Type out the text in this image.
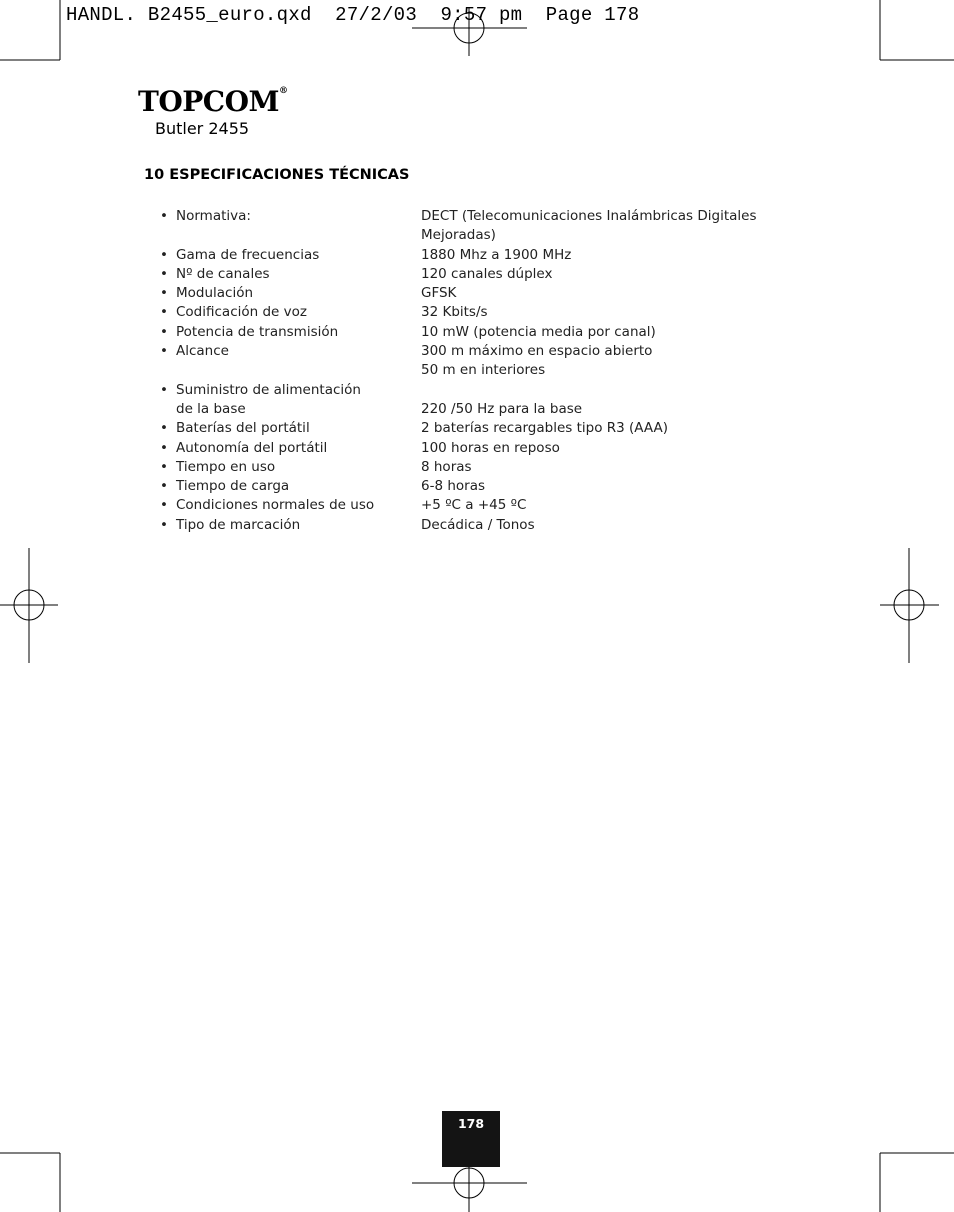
HANDL. B2455_euro.qxd  27/2/03  9:57 pm  Page 178
TOPCOM®
Butler 2455
10 ESPECIFICACIONES TÉCNICAS
• Normativa:	DECT (Telecomunicaciones Inalámbricas Digitales
Mejoradas)
• Gama de frecuencias	1880 Mhz a 1900 MHz
• Nº de canales	120 canales dúplex
• Modulación	GFSK
• Codificación de voz	32 Kbits/s
• Potencia de transmisión	10 mW (potencia media por canal)
• Alcance	300 m máximo en espacio abierto
50 m en interiores
• Suministro de alimentación
de la base	220 /50 Hz para la base
• Baterías del portátil	2 baterías recargables tipo R3 (AAA)
• Autonomía del portátil	100 horas en reposo
• Tiempo en uso	8 horas
• Tiempo de carga	6-8 horas
• Condiciones normales de uso	+5 ºC a +45 ºC
• Tipo de marcación	Decádica / Tonos
178
